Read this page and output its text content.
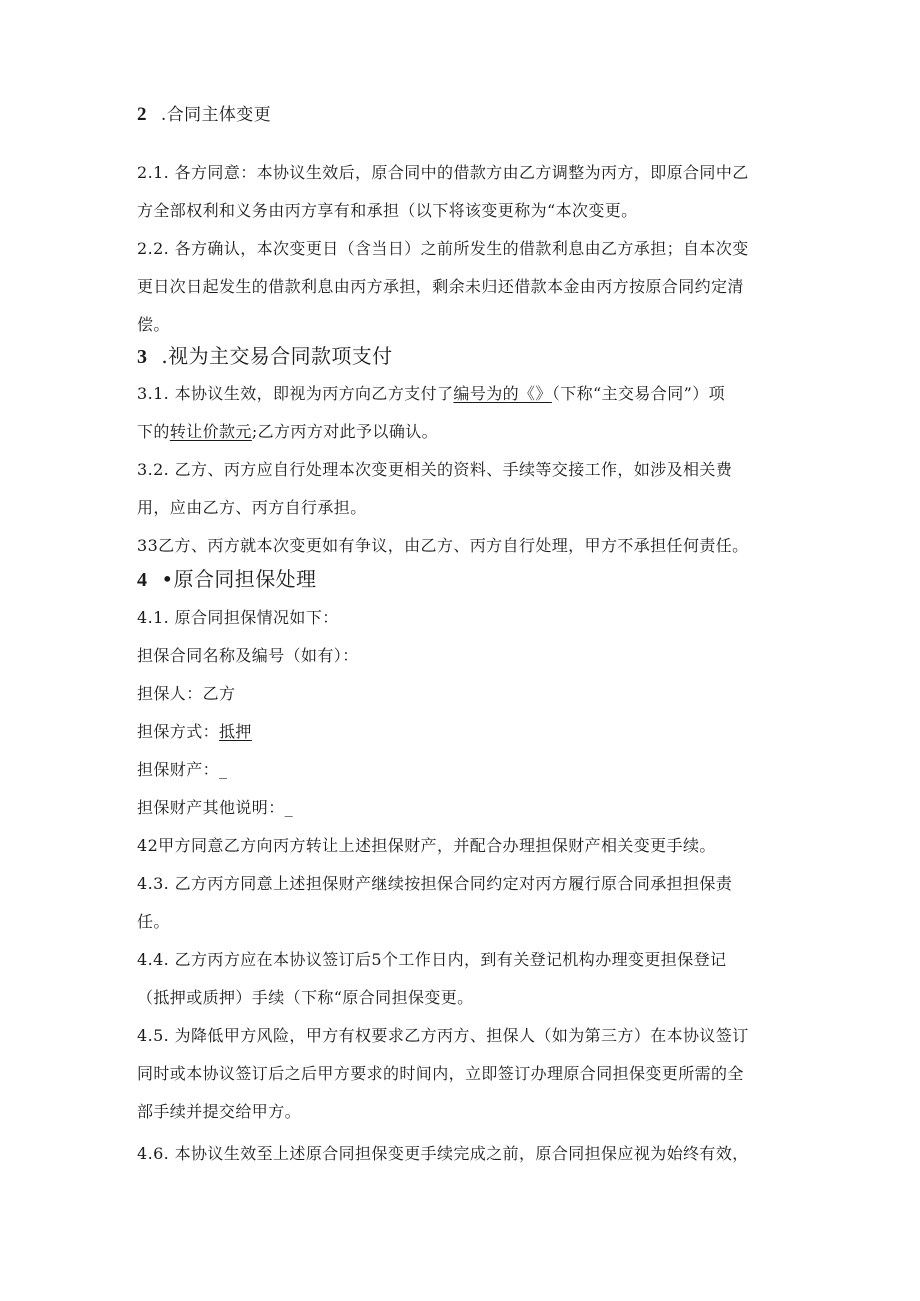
2 .合同主体变更
2.1. 各方同意：本协议生效后，原合同中的借款方由乙方调整为丙方，即原合同中乙
方全部权利和义务由丙方享有和承担（以下将该变更称为“本次变更。
2.2. 各方确认，本次变更日（含当日）之前所发生的借款利息由乙方承担；自本次变
更日次日起发生的借款利息由丙方承担，剩余未归还借款本金由丙方按原合同约定清
偿。
3 .视为主交易合同款项支付
3.1. 本协议生效，即视为丙方向乙方支付了编号为的《》（下称“主交易合同”）项
下的转让价款元;乙方丙方对此予以确认。
3.2. 乙方、丙方应自行处理本次变更相关的资料、手续等交接工作，如涉及相关费
用，应由乙方、丙方自行承担。
33乙方、丙方就本次变更如有争议，由乙方、丙方自行处理，甲方不承担任何责任。
4 •原合同担保处理
4.1. 原合同担保情况如下：
担保合同名称及编号（如有）：
担保人：乙方
担保方式：抵押
担保财产：_
担保财产其他说明：_
42甲方同意乙方向丙方转让上述担保财产，并配合办理担保财产相关变更手续。
4.3. 乙方丙方同意上述担保财产继续按担保合同约定对丙方履行原合同承担担保责
任。
4.4. 乙方丙方应在本协议签订后5个工作日内，到有关登记机构办理变更担保登记
（抵押或质押）手续（下称“原合同担保变更。
4.5. 为降低甲方风险，甲方有权要求乙方丙方、担保人（如为第三方）在本协议签订
同时或本协议签订后之后甲方要求的时间内，立即签订办理原合同担保变更所需的全
部手续并提交给甲方。
4.6. 本协议生效至上述原合同担保变更手续完成之前，原合同担保应视为始终有效，
